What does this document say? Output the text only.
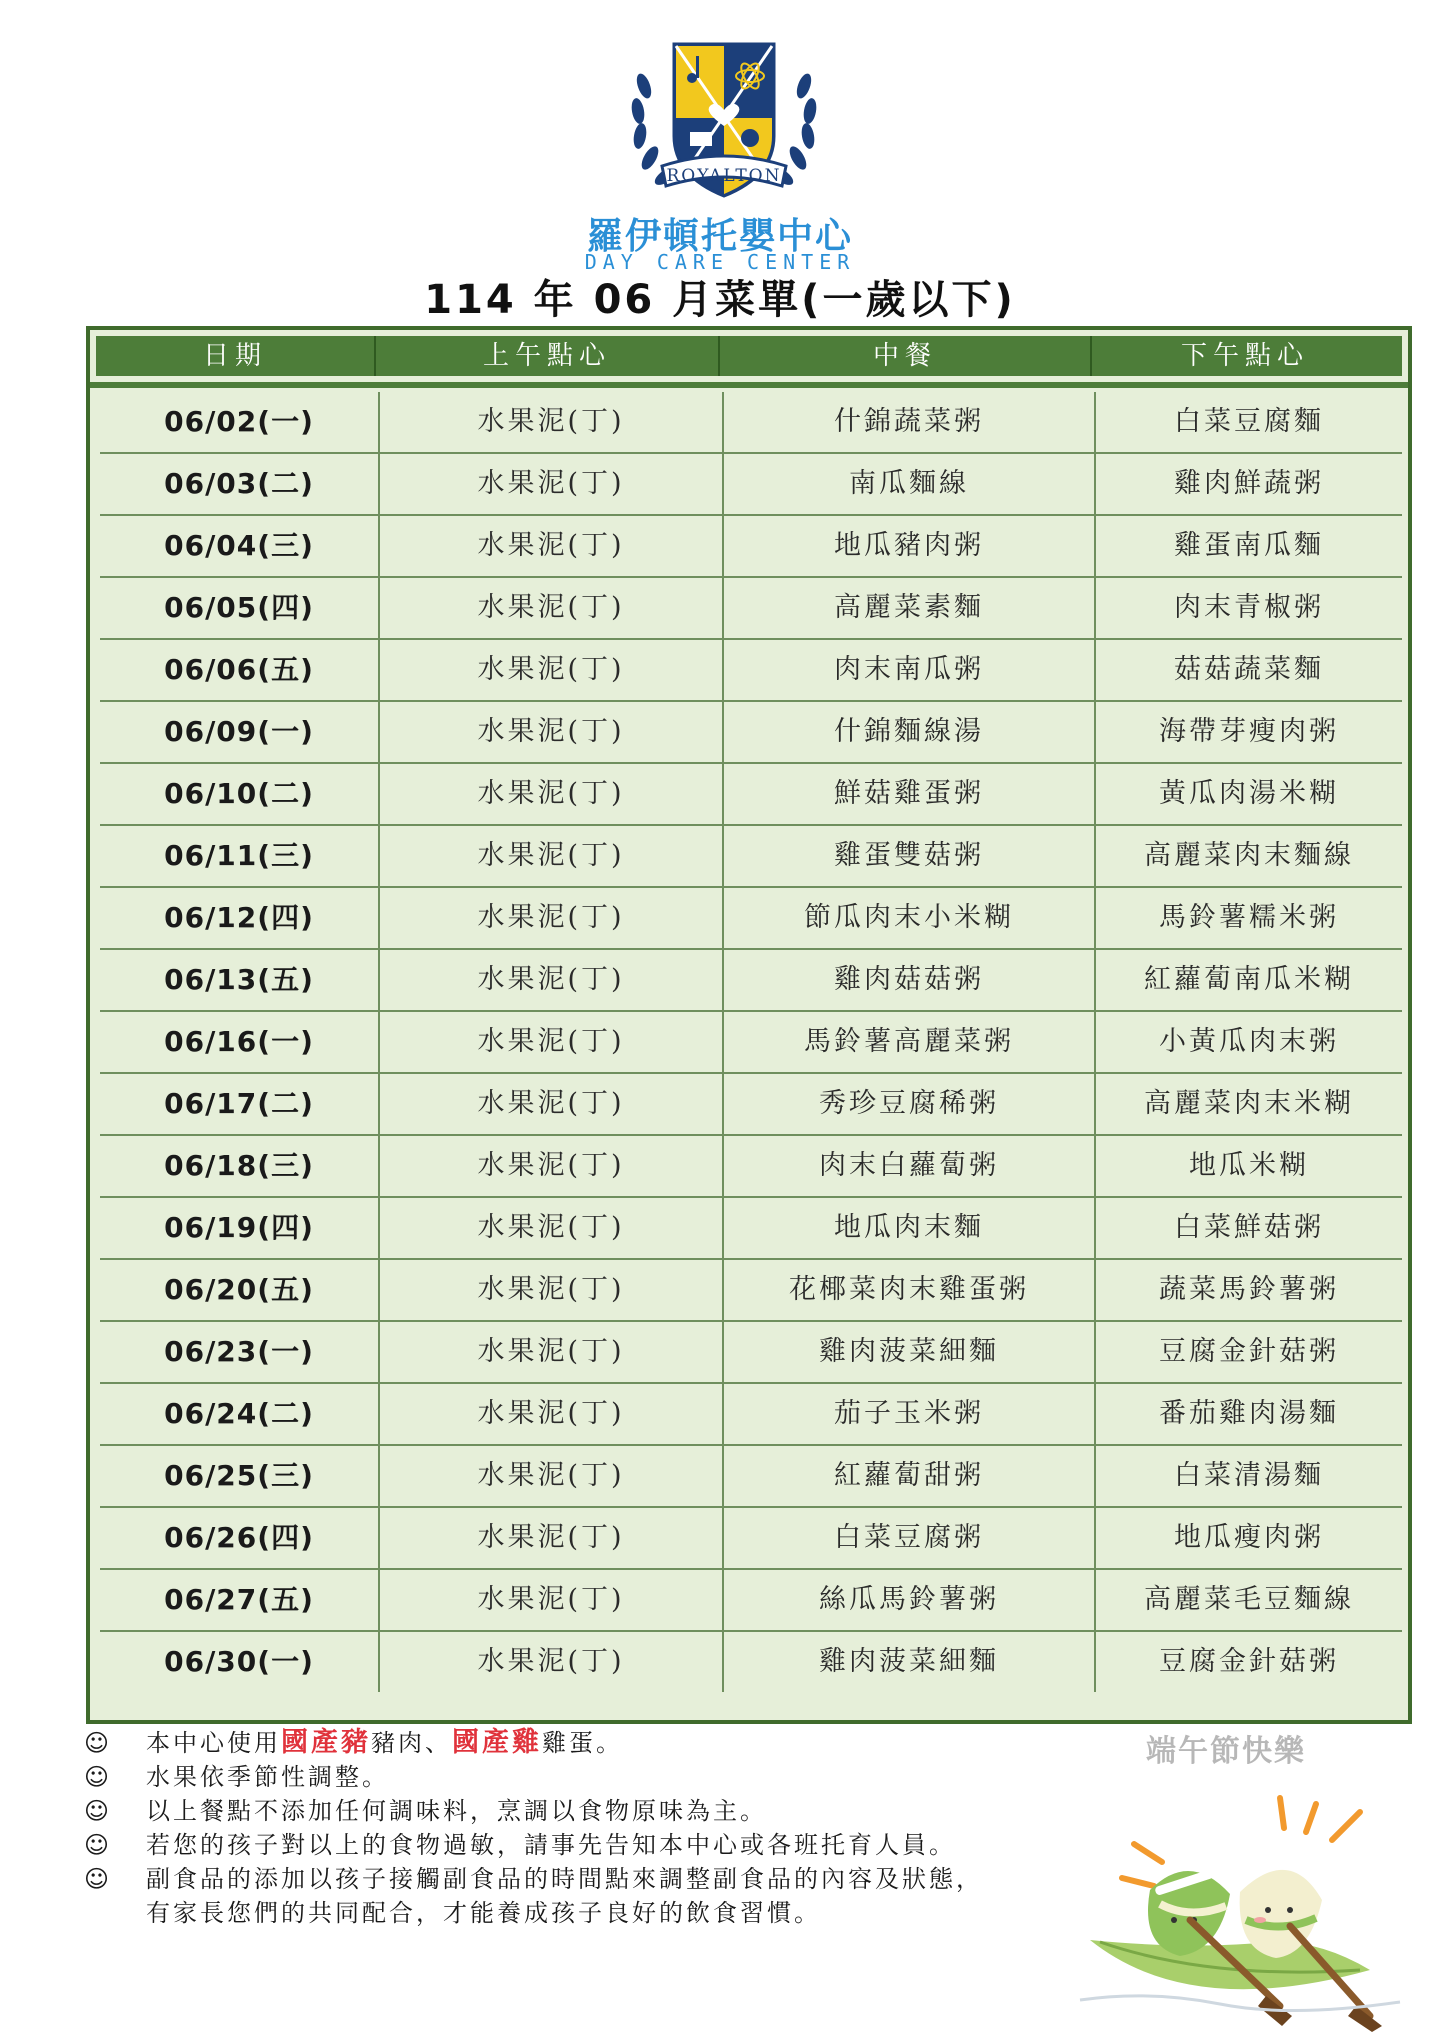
ROYALTON
羅伊頓托嬰中心
DAY CARE CENTER
114 年 06 月菜單(一歲以下)
日期	上午點心	中餐	下午點心
06/02(一)	水果泥(丁)	什錦蔬菜粥	白菜豆腐麵
06/03(二)	水果泥(丁)	南瓜麵線	雞肉鮮蔬粥
06/04(三)	水果泥(丁)	地瓜豬肉粥	雞蛋南瓜麵
06/05(四)	水果泥(丁)	高麗菜素麵	肉末青椒粥
06/06(五)	水果泥(丁)	肉末南瓜粥	菇菇蔬菜麵
06/09(一)	水果泥(丁)	什錦麵線湯	海帶芽瘦肉粥
06/10(二)	水果泥(丁)	鮮菇雞蛋粥	黃瓜肉湯米糊
06/11(三)	水果泥(丁)	雞蛋雙菇粥	高麗菜肉末麵線
06/12(四)	水果泥(丁)	節瓜肉末小米糊	馬鈴薯糯米粥
06/13(五)	水果泥(丁)	雞肉菇菇粥	紅蘿蔔南瓜米糊
06/16(一)	水果泥(丁)	馬鈴薯高麗菜粥	小黃瓜肉末粥
06/17(二)	水果泥(丁)	秀珍豆腐稀粥	高麗菜肉末米糊
06/18(三)	水果泥(丁)	肉末白蘿蔔粥	地瓜米糊
06/19(四)	水果泥(丁)	地瓜肉末麵	白菜鮮菇粥
06/20(五)	水果泥(丁)	花椰菜肉末雞蛋粥	蔬菜馬鈴薯粥
06/23(一)	水果泥(丁)	雞肉菠菜細麵	豆腐金針菇粥
06/24(二)	水果泥(丁)	茄子玉米粥	番茄雞肉湯麵
06/25(三)	水果泥(丁)	紅蘿蔔甜粥	白菜清湯麵
06/26(四)	水果泥(丁)	白菜豆腐粥	地瓜瘦肉粥
06/27(五)	水果泥(丁)	絲瓜馬鈴薯粥	高麗菜毛豆麵線
06/30(一)	水果泥(丁)	雞肉菠菜細麵	豆腐金針菇粥
☺	本中心使用國產豬豬肉、國產雞雞蛋。
☺	水果依季節性調整。
☺	以上餐點不添加任何調味料，烹調以食物原味為主。
☺	若您的孩子對以上的食物過敏，請事先告知本中心或各班托育人員。
☺	副食品的添加以孩子接觸副食品的時間點來調整副食品的內容及狀態，
有家長您們的共同配合，才能養成孩子良好的飲食習慣。
端午節快樂
